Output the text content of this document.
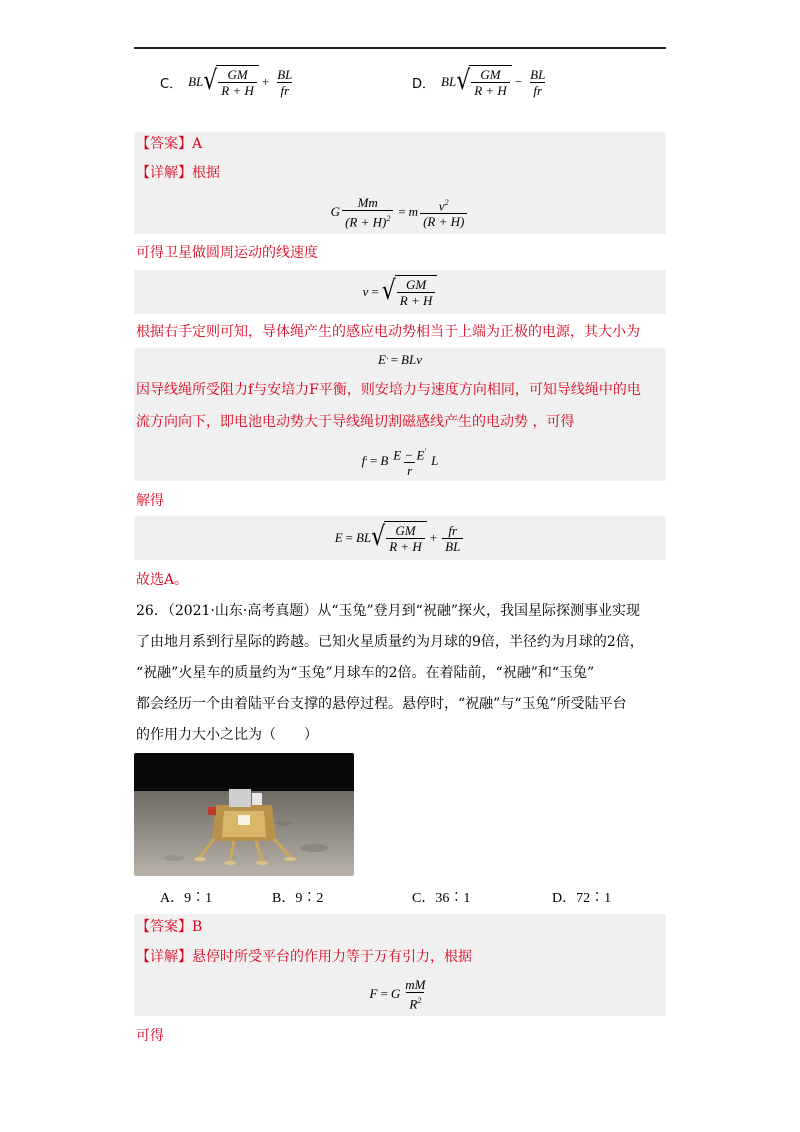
C． BL √ $\frac{GM}{R + H} + \frac{BL}{fr}$	D． BL √ $\frac{GM}{R + H} - \frac{BL}{fr}$
【答案】A
【详解】根据
G $\frac{Mm}{(R + H)^2} = m \frac{v^2}{(R + H)}$
可得卫星做圆周运动的线速度
v = √ $\frac{GM}{R + H}$
根据右手定则可知，导体绳产生的感应电动势相当于上端为正极的电源，其大小为
E ' = BLv
因导线绳所受阻力f与安培力F平衡，则安培力与速度方向相同，可知导线绳中的电
流方向向下，即电池电动势大于导线绳切割磁感线产生的电动势 ，可得
f ' = B $\frac{E - E'}{r}$ L
解得
E = BL √ $\frac{GM}{R + H} + \frac{fr}{BL}$
故选A。
26．（2021·山东·高考真题）从“玉兔”登月到“祝融”探火，我国星际探测事业实现
了由地月系到行星际的跨越。已知火星质量约为月球的9倍，半径约为月球的2倍，
“祝融”火星车的质量约为“玉兔”月球车的2倍。在着陆前，“祝融”和“玉兔”
都会经历一个由着陆平台支撑的悬停过程。悬停时，“祝融”与“玉兔”所受陆平台
的作用力大小之比为（　　）
A．9∶1	B．9∶2	C．36∶1	D．72∶1
【答案】B
【详解】悬停时所受平台的作用力等于万有引力，根据
F = G $\frac{mM}{R^2}$
可得
